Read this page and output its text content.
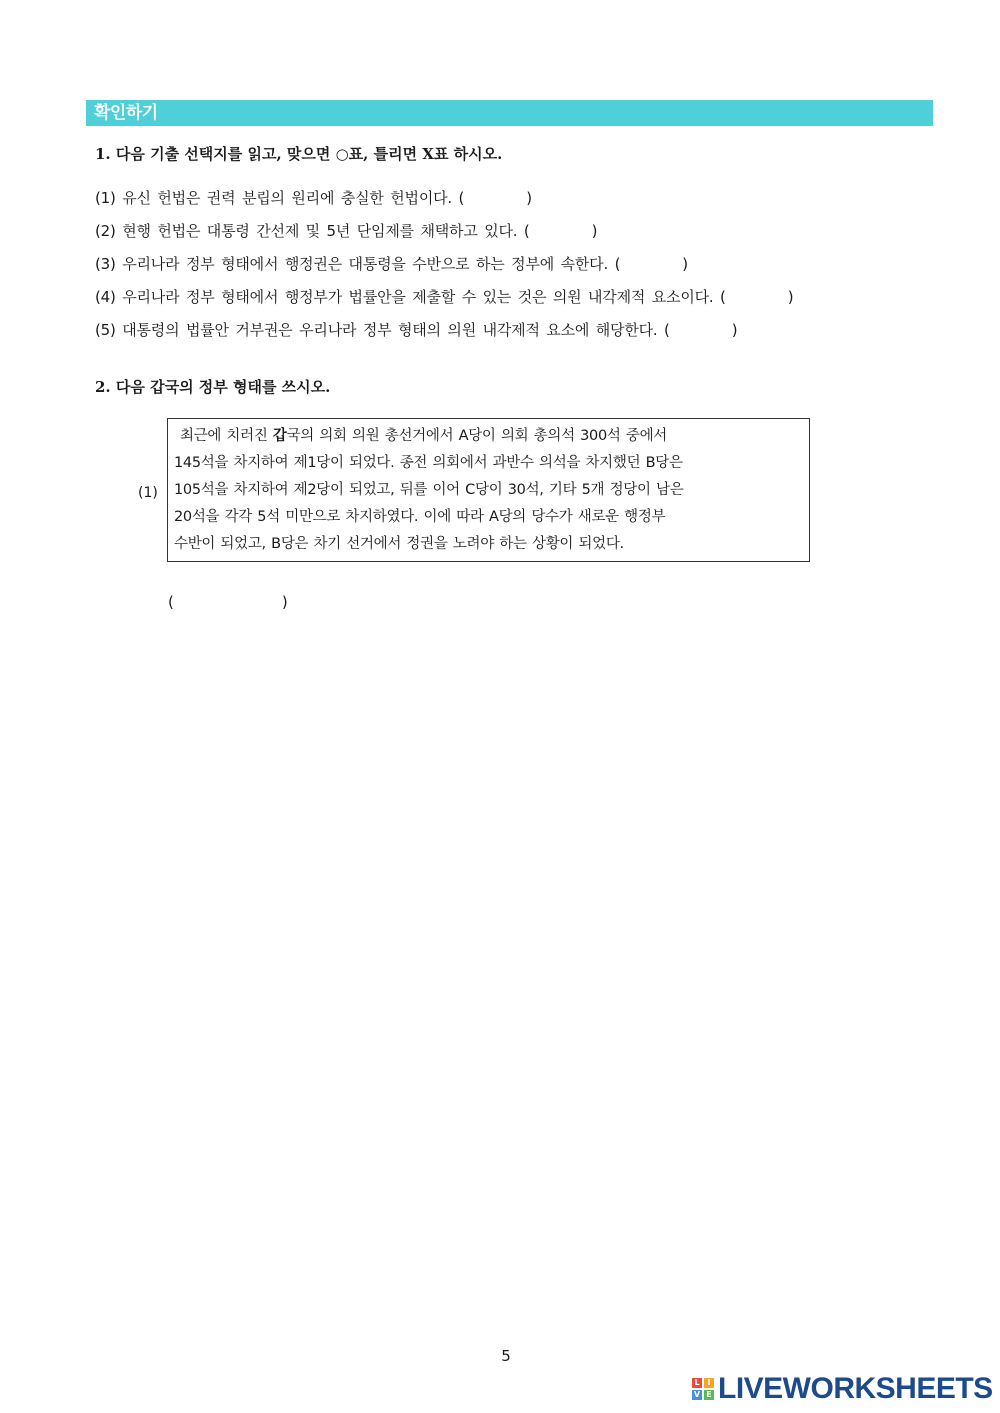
확인하기
1. 다음 기출 선택지를 읽고, 맞으면 ○표, 틀리면 X표 하시오.
(1) 유신 헌법은 권력 분립의 원리에 충실한 헌법이다. (	)
(2) 현행 헌법은 대통령 간선제 및 5년 단임제를 채택하고 있다. (	)
(3) 우리나라 정부 형태에서 행정권은 대통령을 수반으로 하는 정부에 속한다. (	)
(4) 우리나라 정부 형태에서 행정부가 법률안을 제출할 수 있는 것은 의원 내각제적 요소이다. (	)
(5) 대통령의 법률안 거부권은 우리나라 정부 형태의 의원 내각제적 요소에 해당한다. (	)
2. 다음 갑국의 정부 형태를 쓰시오.
(1)
최근에 치러진 갑국의 의회 의원 총선거에서 A당이 의회 총의석 300석 중에서
145석을 차지하여 제1당이 되었다. 종전 의회에서 과반수 의석을 차지했던 B당은
105석을 차지하여 제2당이 되었고, 뒤를 이어 C당이 30석, 기타 5개 정당이 남은
20석을 각각 5석 미만으로 차지하였다. 이에 따라 A당의 당수가 새로운 행정부
수반이 되었고, B당은 차기 선거에서 정권을 노려야 하는 상황이 되었다.
(	)
5
L I
V E LIVEWORKSHEETS
